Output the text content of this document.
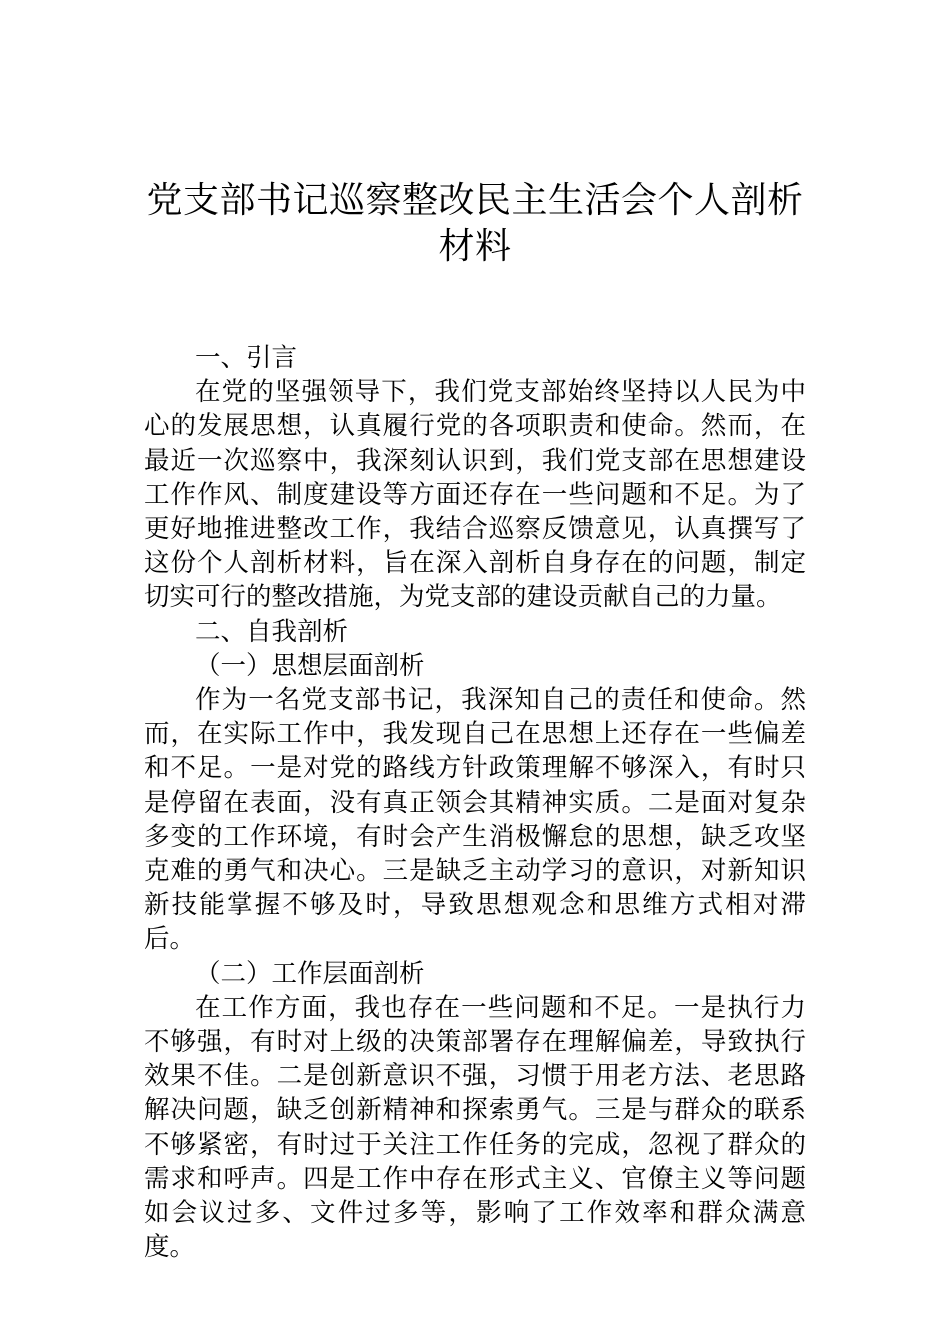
党支部书记巡察整改民主生活会个人剖析
材料

一、引言

在党的坚强领导下，我们党支部始终坚持以人民为中心的发展思想，认真履行党的各项职责和使命。然而，在最近一次巡察中，我深刻认识到，我们党支部在思想建设工作作风、制度建设等方面还存在一些问题和不足。为了更好地推进整改工作，我结合巡察反馈意见，认真撰写了这份个人剖析材料，旨在深入剖析自身存在的问题，制定切实可行的整改措施，为党支部的建设贡献自己的力量。

二、自我剖析

（一）思想层面剖析

作为一名党支部书记，我深知自己的责任和使命。然而，在实际工作中，我发现自己在思想上还存在一些偏差和不足。一是对党的路线方针政策理解不够深入，有时只是停留在表面，没有真正领会其精神实质。二是面对复杂多变的工作环境，有时会产生消极懈怠的思想，缺乏攻坚克难的勇气和决心。三是缺乏主动学习的意识，对新知识新技能掌握不够及时，导致思想观念和思维方式相对滞后。

（二）工作层面剖析

在工作方面，我也存在一些问题和不足。一是执行力不够强，有时对上级的决策部署存在理解偏差，导致执行效果不佳。二是创新意识不强，习惯于用老方法、老思路解决问题，缺乏创新精神和探索勇气。三是与群众的联系不够紧密，有时过于关注工作任务的完成，忽视了群众的需求和呼声。四是工作中存在形式主义、官僚主义等问题如会议过多、文件过多等，影响了工作效率和群众满意度。
